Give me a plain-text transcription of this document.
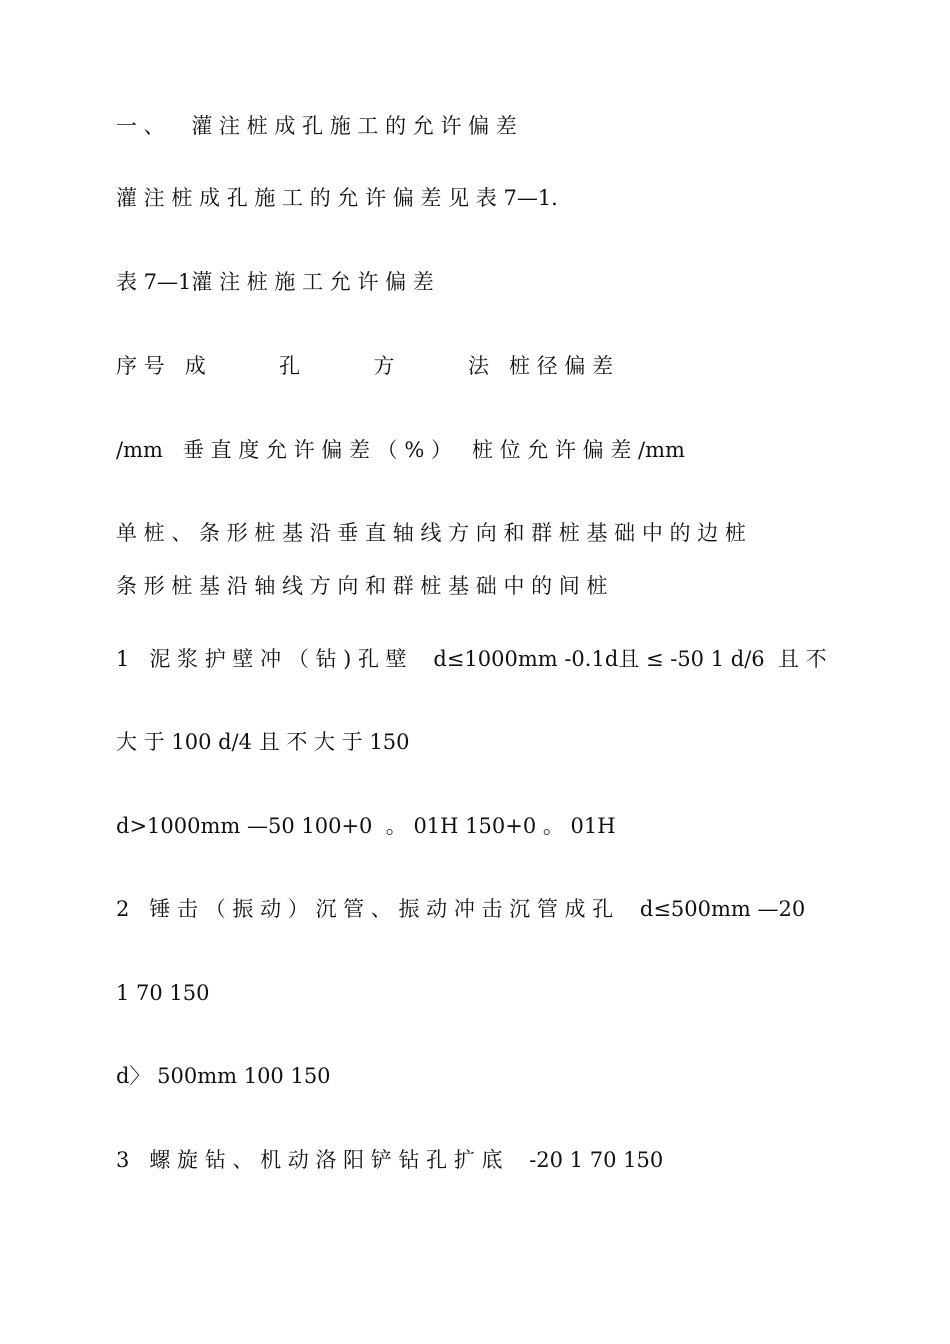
一 、    灌 注 桩 成 孔 施 工 的 允 许 偏 差
灌 注 桩 成 孔 施 工 的 允 许 偏 差 见 表 7—1.
表 7—1灌 注 桩 施 工 允 许 偏 差
序 号   成           孔           方           法   桩 径 偏 差
/mm   垂 直 度 允 许 偏 差 （ % ）   桩 位 允 许 偏 差 /mm
单 桩 、 条 形 桩 基 沿 垂 直 轴 线 方 向 和 群 桩 基 础 中 的 边 桩
条 形 桩 基 沿 轴 线 方 向 和 群 桩 基 础 中 的 间 桩
1   泥 浆 护 壁 冲 （ 钻 ) 孔 壁    d≤1000mm -0.1d且 ≤ -50 1 d/6  且 不
大 于 100 d/4 且 不 大 于 150
d>1000mm —50 100+0  。 01H 150+0 。 01H
2   锤 击 （ 振 动 ） 沉 管 、 振 动 冲 击 沉 管 成 孔    d≤500mm —20
1 70 150
d〉 500mm 100 150
3   螺 旋 钻 、 机 动 洛 阳 铲 钻 孔 扩 底    -20 1 70 150
